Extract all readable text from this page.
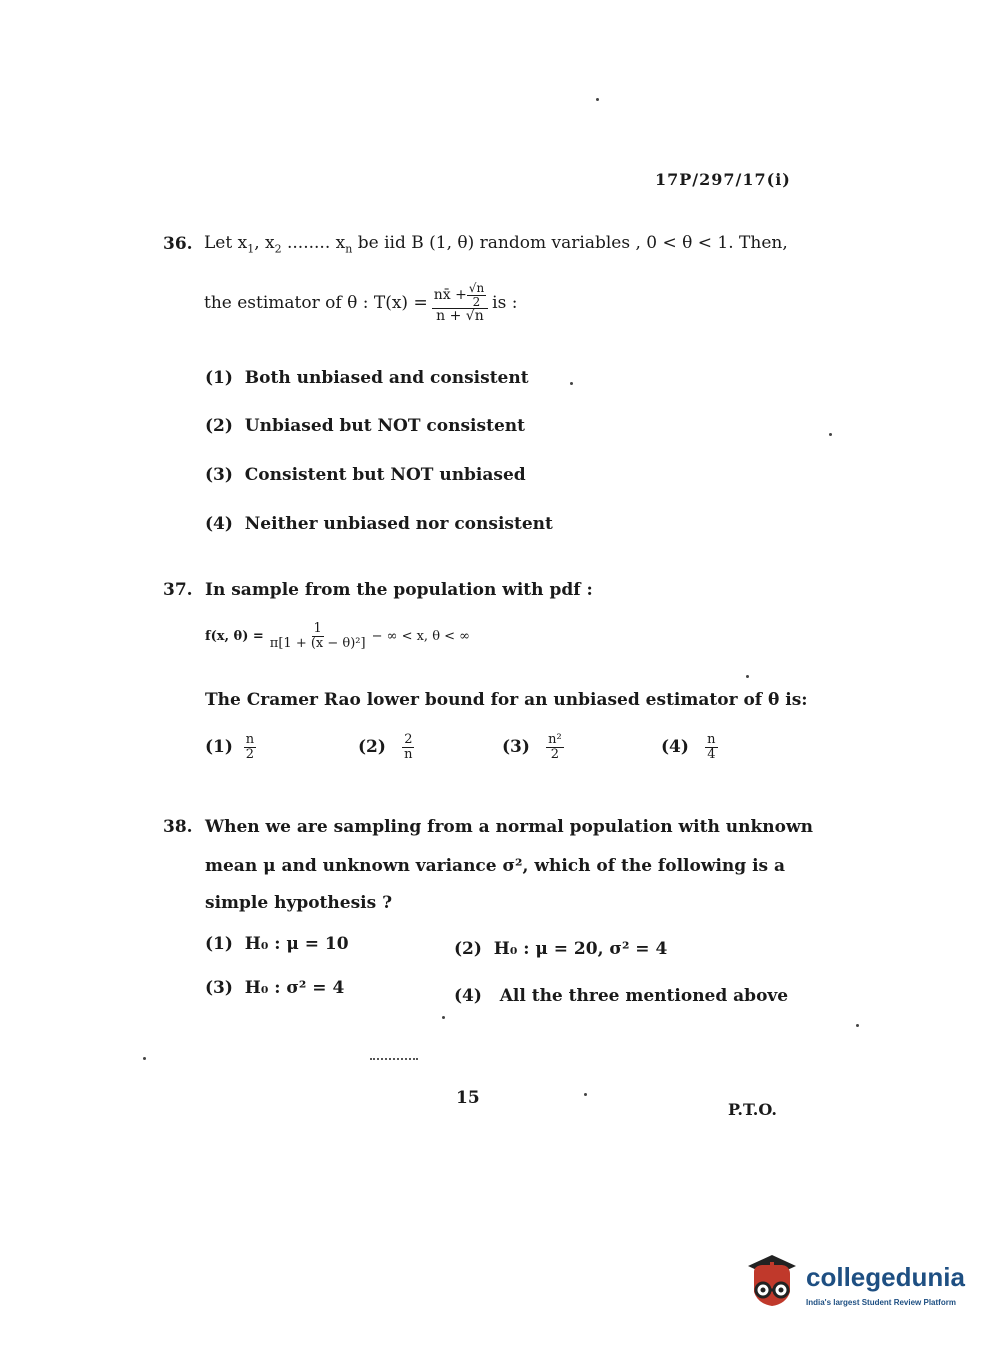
17P/297/17(i)
36. Let $x_1$, $x_2$ ........ $x_n$ be iid B (1, θ) random variables , 0 < θ < 1. Then,
the estimator of θ : $T(x) = \frac{nx̄ + \frac{√n}{2}}{n + √n}$ is :
(1) Both unbiased and consistent
(2) Unbiased but NOT consistent
(3) Consistent but NOT unbiased
(4) Neither unbiased nor consistent
37. In sample from the population with pdf :
f(x, $\theta) = \frac{1}{\text{π[1 + (x − θ)²]}}$ − ∞ < x, θ < ∞
The Cramer Rao lower bound for an unbiased estimator of θ is:
(1)
$\frac{n}{2}$	(2)
$\frac{2}{n}$	(3)
$\frac{\text{n²}}{2}$	(4)
$\frac{n}{4}$
38. When we are sampling from a normal population with unknown
mean μ and unknown variance σ², which of the following is a
simple hypothesis ?
(1) H₀ : μ = 10	(2) H₀ : μ = 20, σ² = 4
(3) H₀ : σ² = 4	(4) All the three mentioned above
15
P.T.O.
collegedunia
India's largest Student Review Platform
